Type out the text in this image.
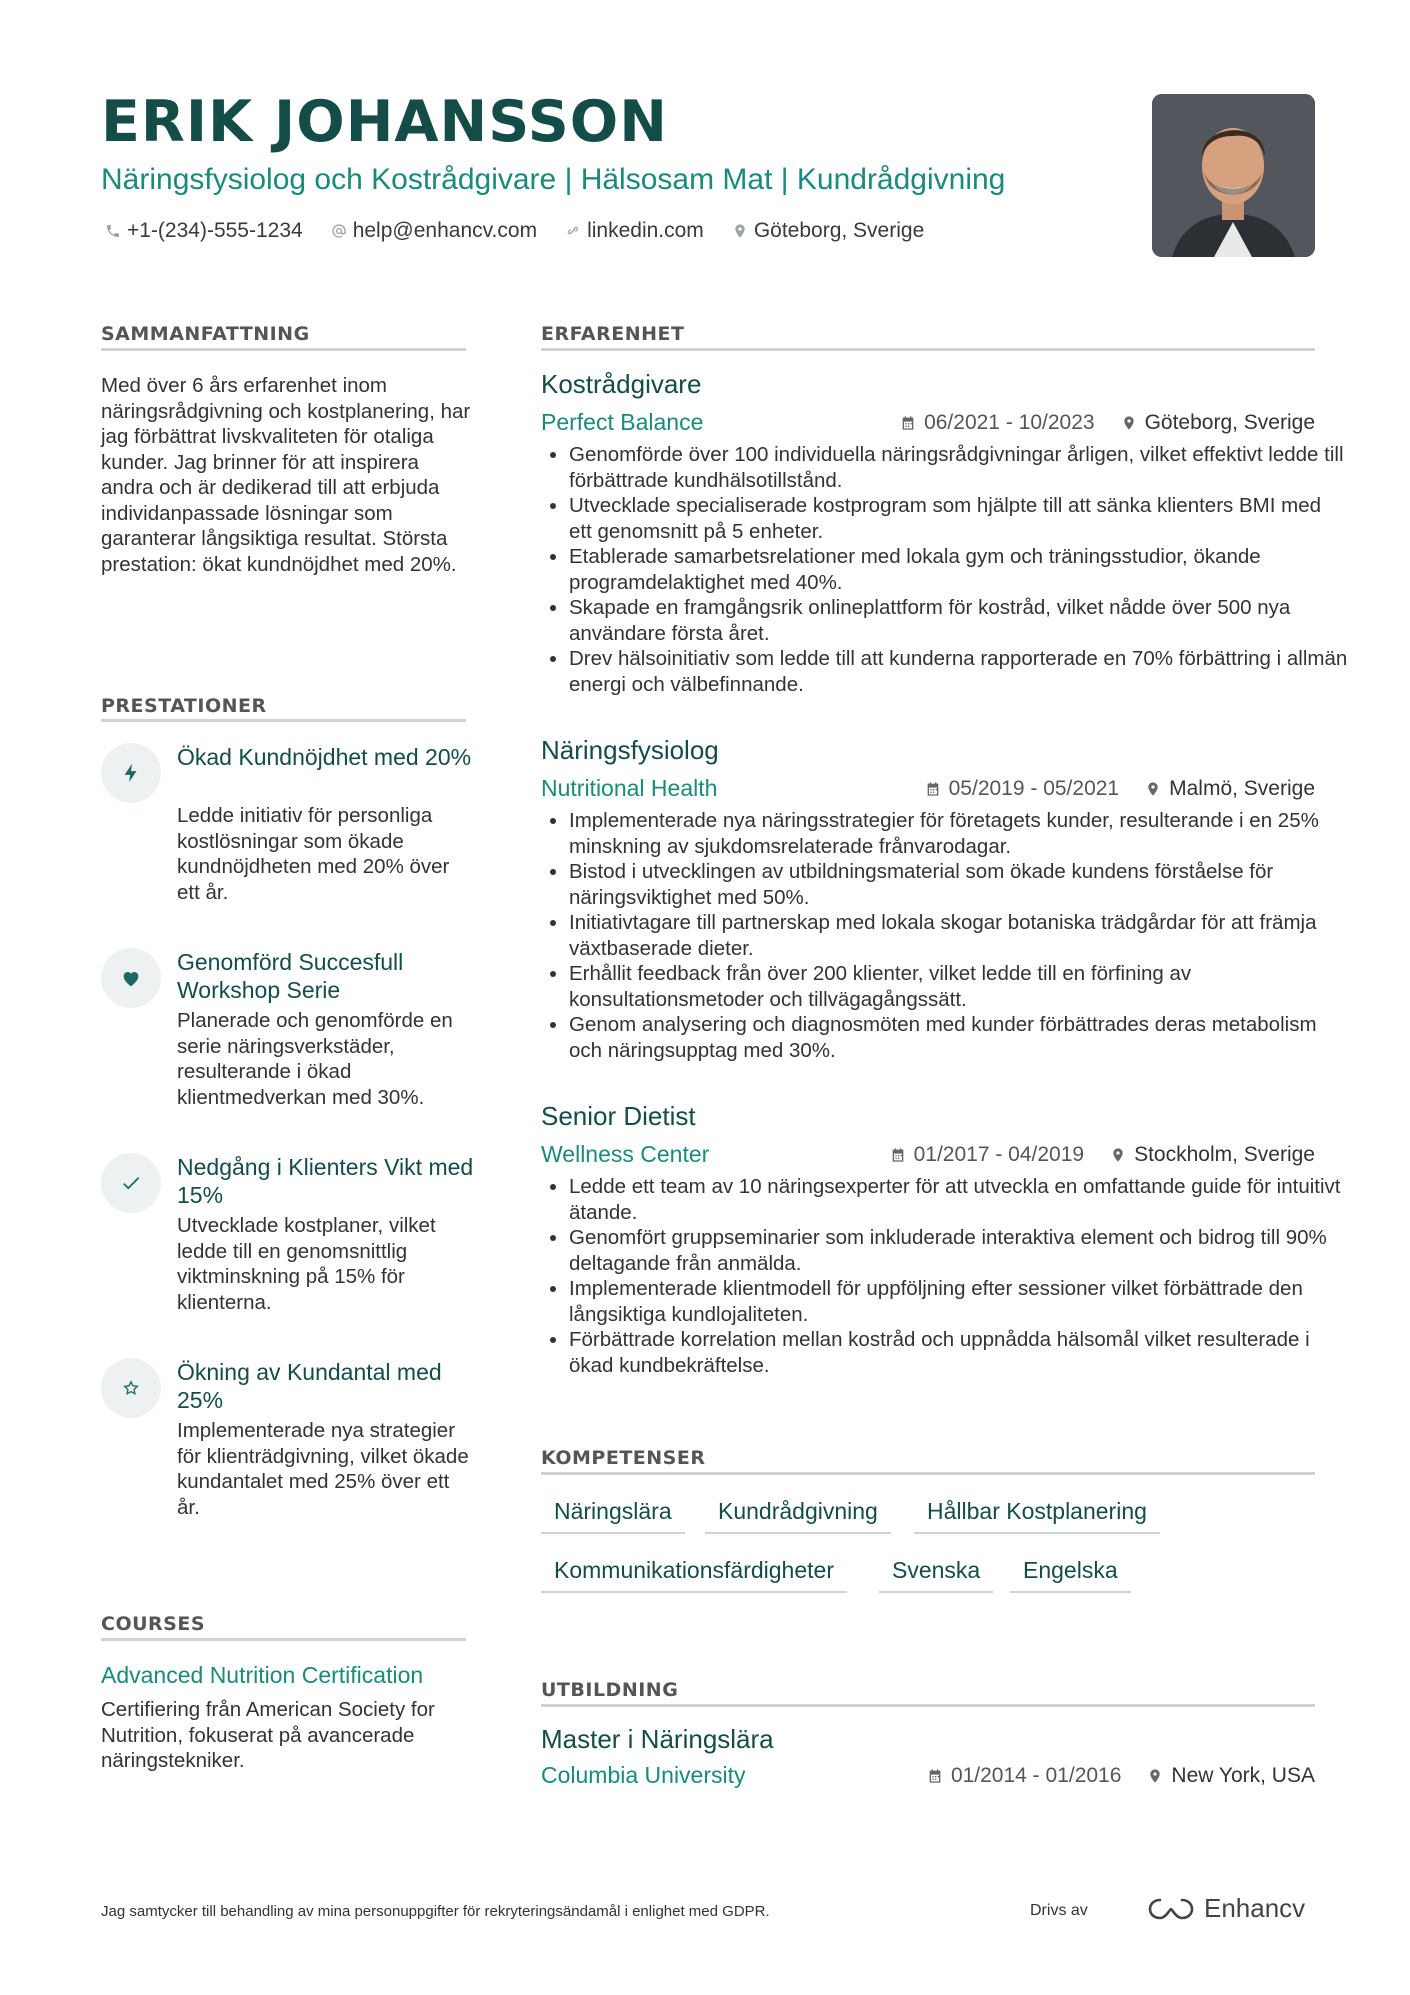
ERIK JOHANSSON

Näringsfysiolog och Kostrådgivare | Hälsosam Mat | Kundrådgivning

+1-(234)-555-1234 help@enhancv.com linkedin.com Göteborg, Sverige
SAMMANFATTNING

Med över 6 års erfarenhet inom näringsrådgivning och kostplanering, har jag förbättrat livskvaliteten för otaliga kunder. Jag brinner för att inspirera andra och är dedikerad till att erbjuda individanpassade lösningar som garanterar långsiktiga resultat. Största prestation: ökat kundnöjdhet med 20%.

PRESTATIONER

Ökad Kundnöjdhet med 20%

Ledde initiativ för personliga kostlösningar som ökade kundnöjdheten med 20% över ett år.

Genomförd Succesfull Workshop Serie

Planerade och genomförde en serie näringsverkstäder, resulterande i ökad klientmedverkan med 30%.

Nedgång i Klienters Vikt med 15%

Utvecklade kostplaner, vilket ledde till en genomsnittlig viktminskning på 15% för klienterna.

Ökning av Kundantal med 25%

Implementerade nya strategier för klienträdgivning, vilket ökade kundantalet med 25% över ett år.

COURSES

Advanced Nutrition Certification

Certifiering från American Society for Nutrition, fokuserat på avancerade näringstekniker.

ERFARENHET

Kostrådgivare

Perfect Balance	06/2021 - 10/2023 Göteborg, Sverige
• Genomförde över 100 individuella näringsrådgivningar årligen, vilket effektivt ledde till förbättrade kundhälsotillstånd.
• Utvecklade specialiserade kostprogram som hjälpte till att sänka klienters BMI med ett genomsnitt på 5 enheter.
• Etablerade samarbetsrelationer med lokala gym och träningsstudior, ökande programdelaktighet med 40%.
• Skapade en framgångsrik onlineplattform för kostråd, vilket nådde över 500 nya användare första året.
• Drev hälsoinitiativ som ledde till att kunderna rapporterade en 70% förbättring i allmän energi och välbefinnande.

Näringsfysiolog

Nutritional Health	05/2019 - 05/2021 Malmö, Sverige
• Implementerade nya näringsstrategier för företagets kunder, resulterande i en 25% minskning av sjukdomsrelaterade frånvarodagar.
• Bistod i utvecklingen av utbildningsmaterial som ökade kundens förståelse för näringsviktighet med 50%.
• Initiativtagare till partnerskap med lokala skogar botaniska trädgårdar för att främja växtbaserade dieter.
• Erhållit feedback från över 200 klienter, vilket ledde till en förfining av konsultationsmetoder och tillvägagångssätt.
• Genom analysering och diagnosmöten med kunder förbättrades deras metabolism och näringsupptag med 30%.

Senior Dietist

Wellness Center	01/2017 - 04/2019 Stockholm, Sverige
• Ledde ett team av 10 näringsexperter för att utveckla en omfattande guide för intuitivt ätande.
• Genomfört gruppseminarier som inkluderade interaktiva element och bidrog till 90% deltagande från anmälda.
• Implementerade klientmodell för uppföljning efter sessioner vilket förbättrade den långsiktiga kundlojaliteten.
• Förbättrade korrelation mellan kostråd och uppnådda hälsomål vilket resulterade i ökad kundbekräftelse.
KOMPETENSER
Näringslära	Kundrådgivning	Hållbar Kostplanering
Kommunikationsfärdigheter	Svenska	Engelska
UTBILDNING

Master i Näringslära

Columbia University	01/2014 - 01/2016 New York, USA

Jag samtycker till behandling av mina personuppgifter för rekryteringsändamål i enlighet med GDPR.	Drivs av	Enhancv
